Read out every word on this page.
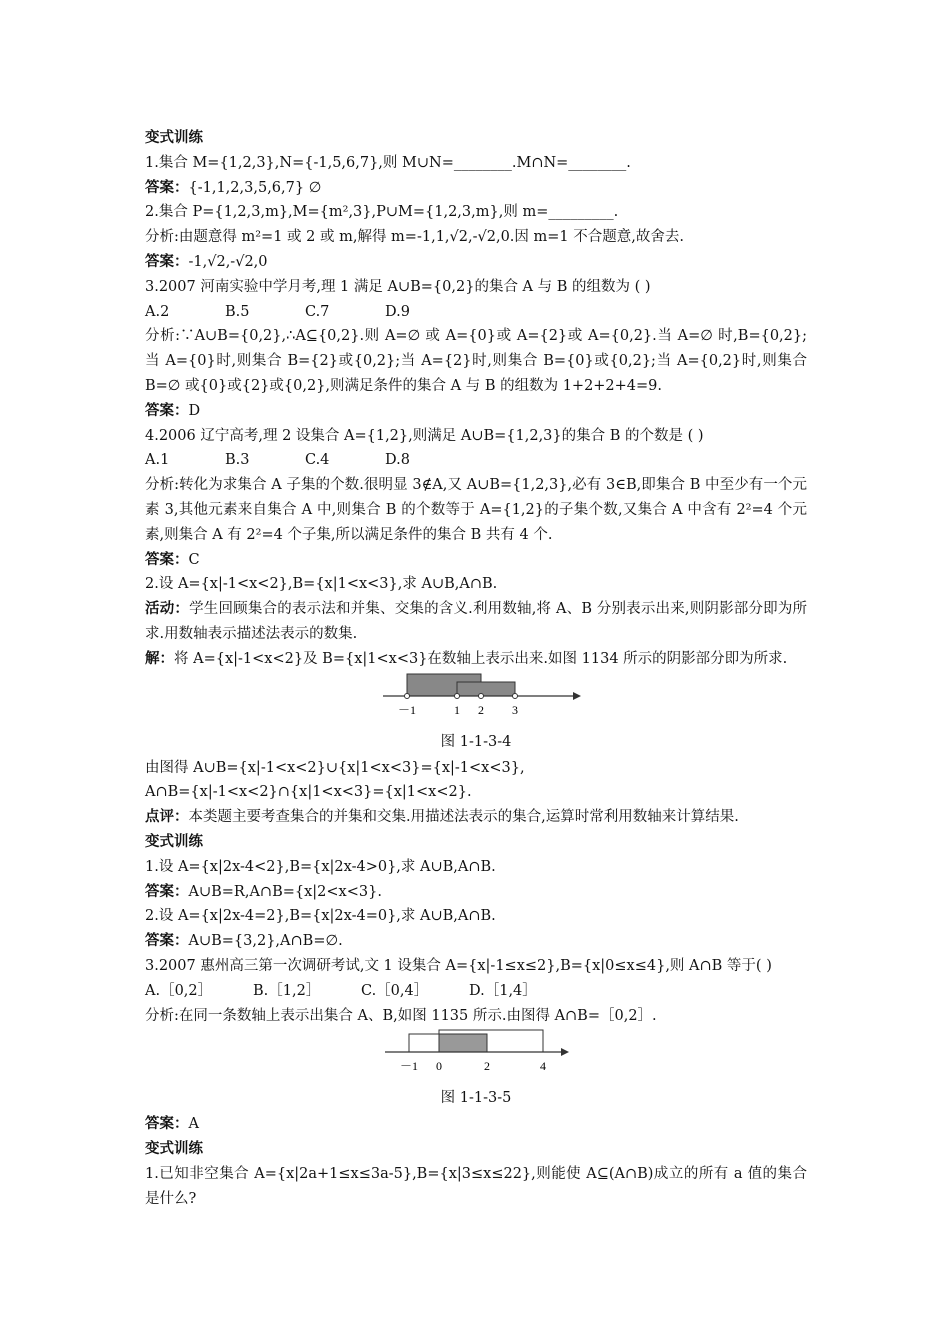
变式训练
1.集合 M={1,2,3},N={-1,5,6,7},则 M∪N=________.M∩N=________.
答案：{-1,1,2,3,5,6,7} ∅
2.集合 P={1,2,3,m},M={m²,3},P∪M={1,2,3,m},则 m=_________.
分析:由题意得 m²=1 或 2 或 m,解得 m=-1,1,√2,-√2,0.因 m=1 不合题意,故舍去.
答案：-1,√2,-√2,0
3.2007 河南实验中学月考,理 1 满足 A∪B={0,2}的集合 A 与 B 的组数为 ( )
A.2	B.5	C.7	D.9
分析:∵A∪B={0,2},∴A⊆{0,2}.则 A=∅ 或 A={0}或 A={2}或 A={0,2}.当 A=∅ 时,B={0,2};当 A={0}时,则集合 B={2}或{0,2};当 A={2}时,则集合 B={0}或{0,2};当 A={0,2}时,则集合 B=∅ 或{0}或{2}或{0,2},则满足条件的集合 A 与 B 的组数为 1+2+2+4=9.
答案：D
4.2006 辽宁高考,理 2 设集合 A={1,2},则满足 A∪B={1,2,3}的集合 B 的个数是 ( )
A.1	B.3	C.4	D.8
分析:转化为求集合 A 子集的个数.很明显 3∉A,又 A∪B={1,2,3},必有 3∈B,即集合 B 中至少有一个元素 3,其他元素来自集合 A 中,则集合 B 的个数等于 A={1,2}的子集个数,又集合 A 中含有 2²=4 个元素,则集合 A 有 2²=4 个子集,所以满足条件的集合 B 共有 4 个.
答案：C
2.设 A={x|-1<x<2},B={x|1<x<3},求 A∪B,A∩B.
活动：学生回顾集合的表示法和并集、交集的含义.利用数轴,将 A、B 分别表示出来,则阴影部分即为所求.用数轴表示描述法表示的数集.
解：将 A={x|-1<x<2}及 B={x|1<x<3}在数轴上表示出来.如图 1134 所示的阴影部分即为所求.
－1	1 2 3
图 1-1-3-4
由图得 A∪B={x|-1<x<2}∪{x|1<x<3}={x|-1<x<3},
A∩B={x|-1<x<2}∩{x|1<x<3}={x|1<x<2}.
点评：本类题主要考查集合的并集和交集.用描述法表示的集合,运算时常利用数轴来计算结果.
变式训练
1.设 A={x|2x-4<2},B={x|2x-4>0},求 A∪B,A∩B.
答案：A∪B=R,A∩B={x|2<x<3}.
2.设 A={x|2x-4=2},B={x|2x-4=0},求 A∪B,A∩B.
答案：A∪B={3,2},A∩B=∅.
3.2007 惠州高三第一次调研考试,文 1 设集合 A={x|-1≤x≤2},B={x|0≤x≤4},则 A∩B 等于( )
A.［0,2］	B.［1,2］	C.［0,4］	D.［1,4］
分析:在同一条数轴上表示出集合 A、B,如图 1135 所示.由图得 A∩B=［0,2］.
－1 0	2	4
图 1-1-3-5
答案：A
变式训练
1.已知非空集合 A={x|2a+1≤x≤3a-5},B={x|3≤x≤22},则能使 A⊆(A∩B)成立的所有 a 值的集合是什么?
